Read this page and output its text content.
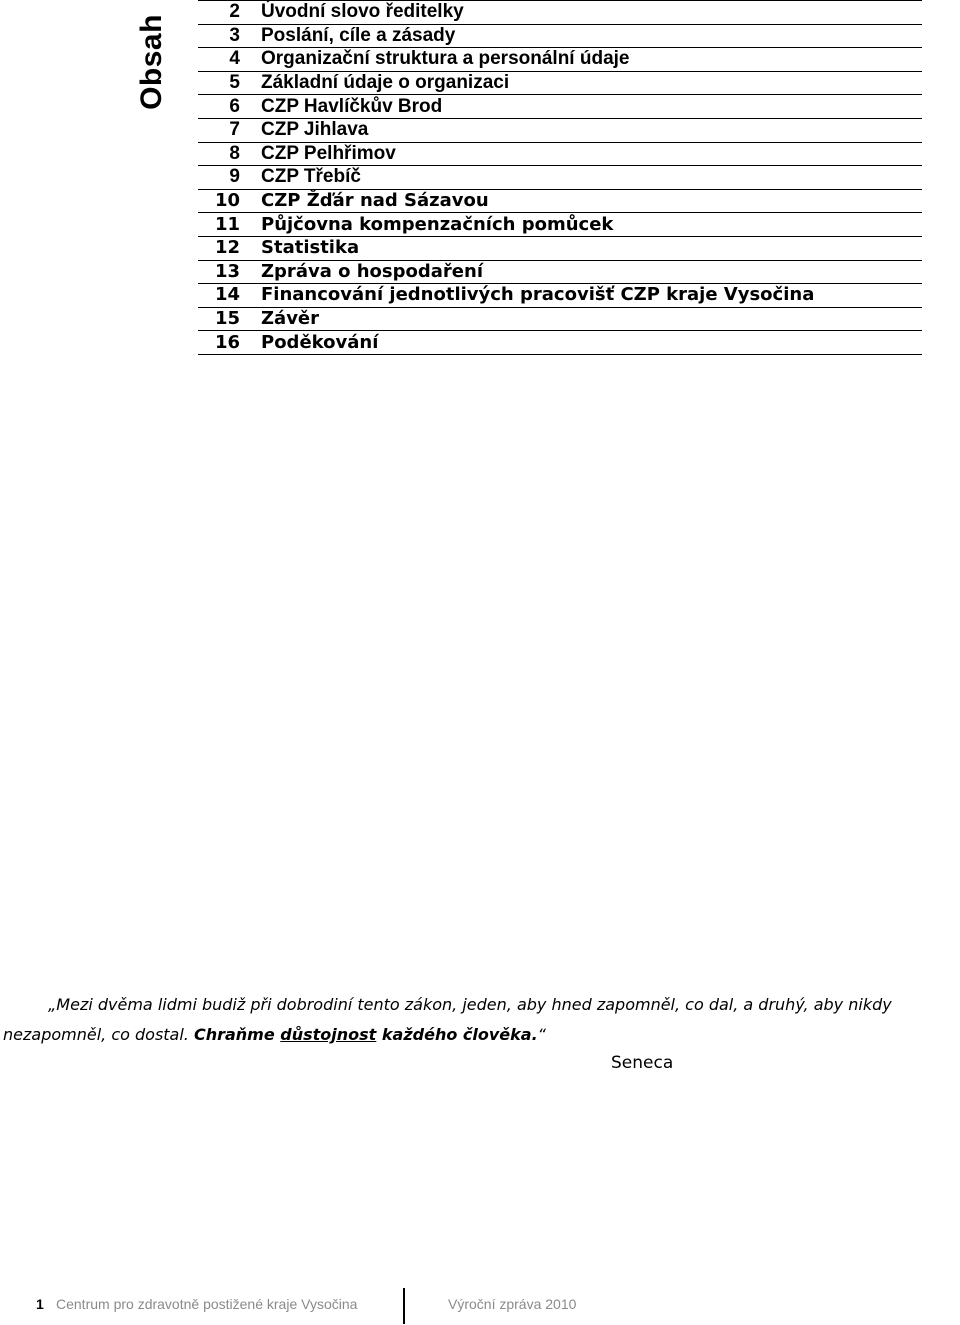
Obsah
2 Úvodní slovo ředitelky
3 Poslání, cíle a zásady
4 Organizační struktura a personální údaje
5 Základní údaje o organizaci
6 CZP Havlíčkův Brod
7 CZP Jihlava
8 CZP Pelhřimov
9 CZP Třebíč
10 CZP Žďár nad Sázavou
11 Půjčovna kompenzačních pomůcek
12 Statistika
13 Zpráva o hospodaření
14 Financování jednotlivých pracovišť CZP kraje Vysočina
15 Závěr
16 Poděkování
„Mezi dvěma lidmi budiž při dobrodiní tento zákon, jeden, aby hned zapomněl, co dal, a druhý, aby nikdy
nezapomněl, co dostal. Chraňme důstojnost každého člověka.“
Seneca
1 Centrum pro zdravotně postižené kraje Vysočina	Výroční zpráva 2010
